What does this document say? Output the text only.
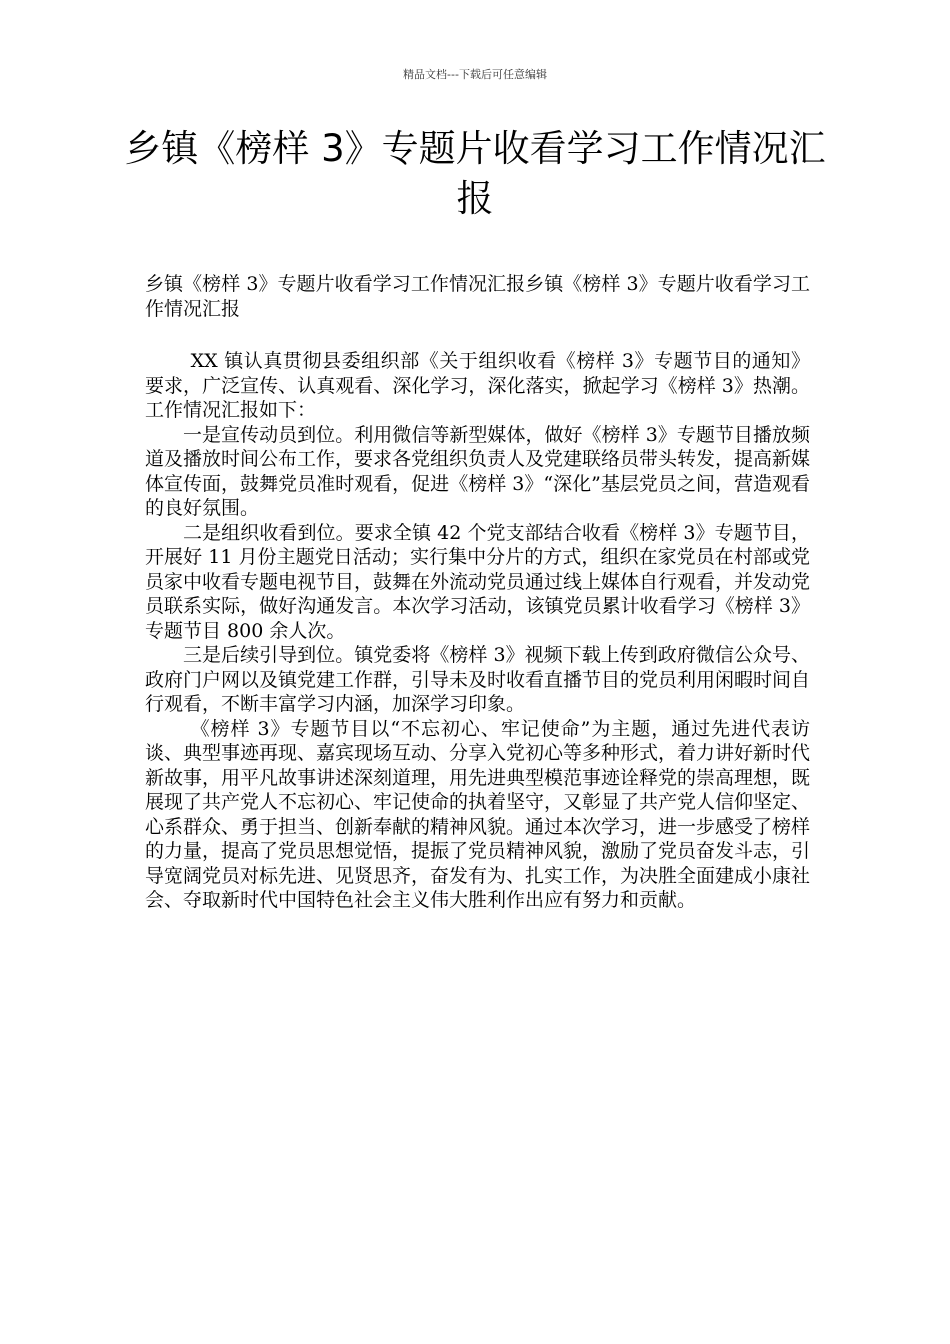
精品文档---下载后可任意编辑
乡镇《榜样 3》专题片收看学习工作情况汇报

乡镇《榜样 3》专题片收看学习工作情况汇报乡镇《榜样 3》专题片收看学习工作情况汇报

XX 镇认真贯彻县委组织部《关于组织收看《榜样 3》专题节目的通知》要求，广泛宣传、认真观看、深化学习，深化落实，掀起学习《榜样 3》热潮。工作情况汇报如下：

一是宣传动员到位。利用微信等新型媒体，做好《榜样 3》专题节目播放频道及播放时间公布工作，要求各党组织负责人及党建联络员带头转发，提高新媒体宣传面，鼓舞党员准时观看，促进《榜样 3》“深化”基层党员之间，营造观看的良好氛围。

二是组织收看到位。要求全镇 42 个党支部结合收看《榜样 3》专题节目，开展好 11 月份主题党日活动；实行集中分片的方式，组织在家党员在村部或党员家中收看专题电视节目，鼓舞在外流动党员通过线上媒体自行观看，并发动党员联系实际，做好沟通发言。本次学习活动，该镇党员累计收看学习《榜样 3》专题节目 800 余人次。

三是后续引导到位。镇党委将《榜样 3》视频下载上传到政府微信公众号、政府门户网以及镇党建工作群，引导未及时收看直播节目的党员利用闲暇时间自行观看，不断丰富学习内涵，加深学习印象。

《榜样 3》专题节目以“不忘初心、牢记使命”为主题，通过先进代表访谈、典型事迹再现、嘉宾现场互动、分享入党初心等多种形式，着力讲好新时代新故事，用平凡故事讲述深刻道理，用先进典型模范事迹诠释党的崇高理想，既展现了共产党人不忘初心、牢记使命的执着坚守，又彰显了共产党人信仰坚定、心系群众、勇于担当、创新奉献的精神风貌。通过本次学习，进一步感受了榜样的力量，提高了党员思想觉悟，提振了党员精神风貌，激励了党员奋发斗志，引导宽阔党员对标先进、见贤思齐，奋发有为、扎实工作，为决胜全面建成小康社会、夺取新时代中国特色社会主义伟大胜利作出应有努力和贡献。
